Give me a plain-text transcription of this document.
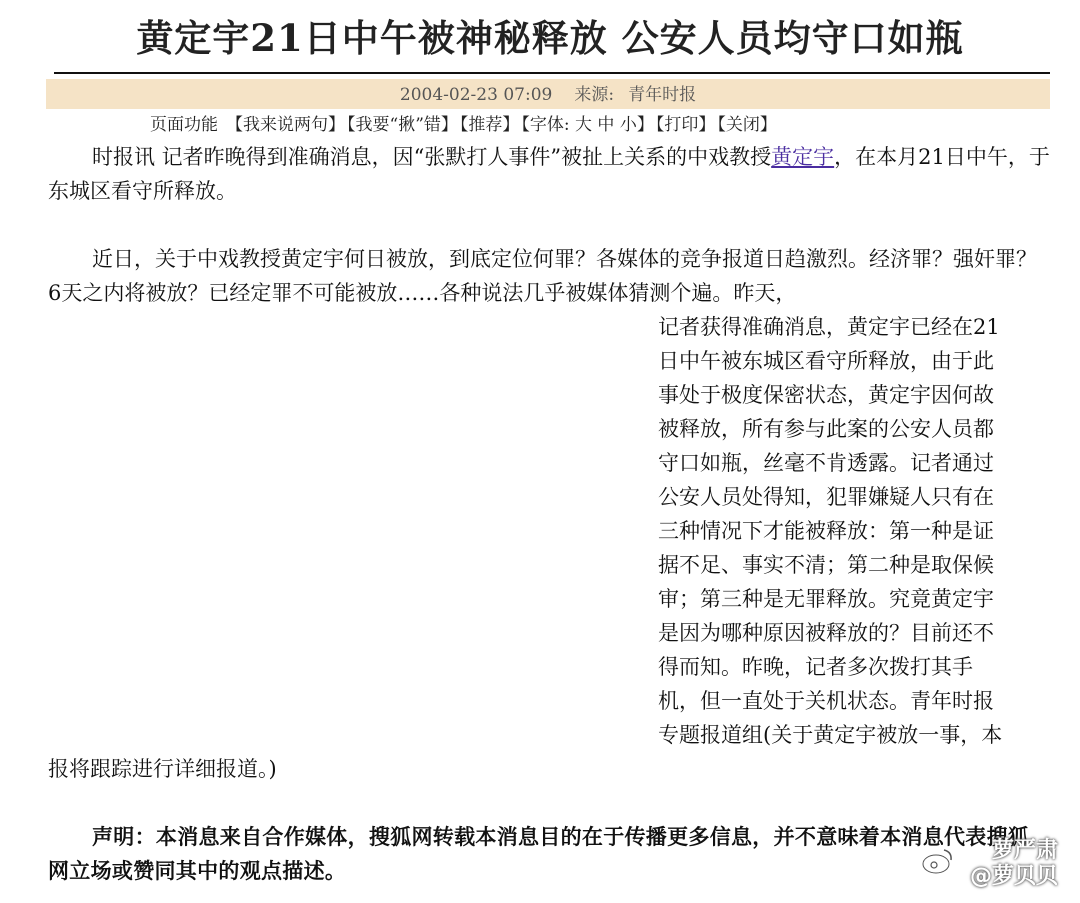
黄定宇21日中午被神秘释放 公安人员均守口如瓶
2004-02-23 07:09 来源: 青年时报
页面功能 【我来说两句】 【我要“揪”错】 【推荐】 【字体: 大 中 小】 【打印】 【关闭】

时报讯 记者昨晚得到准确消息，因“张默打人事件”被扯上关系的中戏教授黄定宇，在本月21日中午，于东城区看守所释放。

近日，关于中戏教授黄定宇何日被放，到底定位何罪？各媒体的竞争报道日趋激烈。经济罪？强奸罪？6天之内将被放？已经定罪不可能被放……各种说法几乎被媒体猜测个遍。昨天，

记者获得准确消息，黄定宇已经在21

日中午被东城区看守所释放，由于此

事处于极度保密状态，黄定宇因何故

被释放，所有参与此案的公安人员都

守口如瓶，丝毫不肯透露。记者通过

公安人员处得知，犯罪嫌疑人只有在

三种情况下才能被释放：第一种是证

据不足、事实不清；第二种是取保候

审；第三种是无罪释放。究竟黄定宇

是因为哪种原因被释放的？目前还不

得而知。昨晚，记者多次拨打其手

机，但一直处于关机状态。青年时报

专题报道组(关于黄定宇被放一事，本

报将跟踪进行详细报道。)

声明：本消息来自合作媒体，搜狐网转载本消息目的在于传播更多信息，并不意味着本消息代表搜狐网立场或赞同其中的观点描述。

萝严肃
@萝贝贝
